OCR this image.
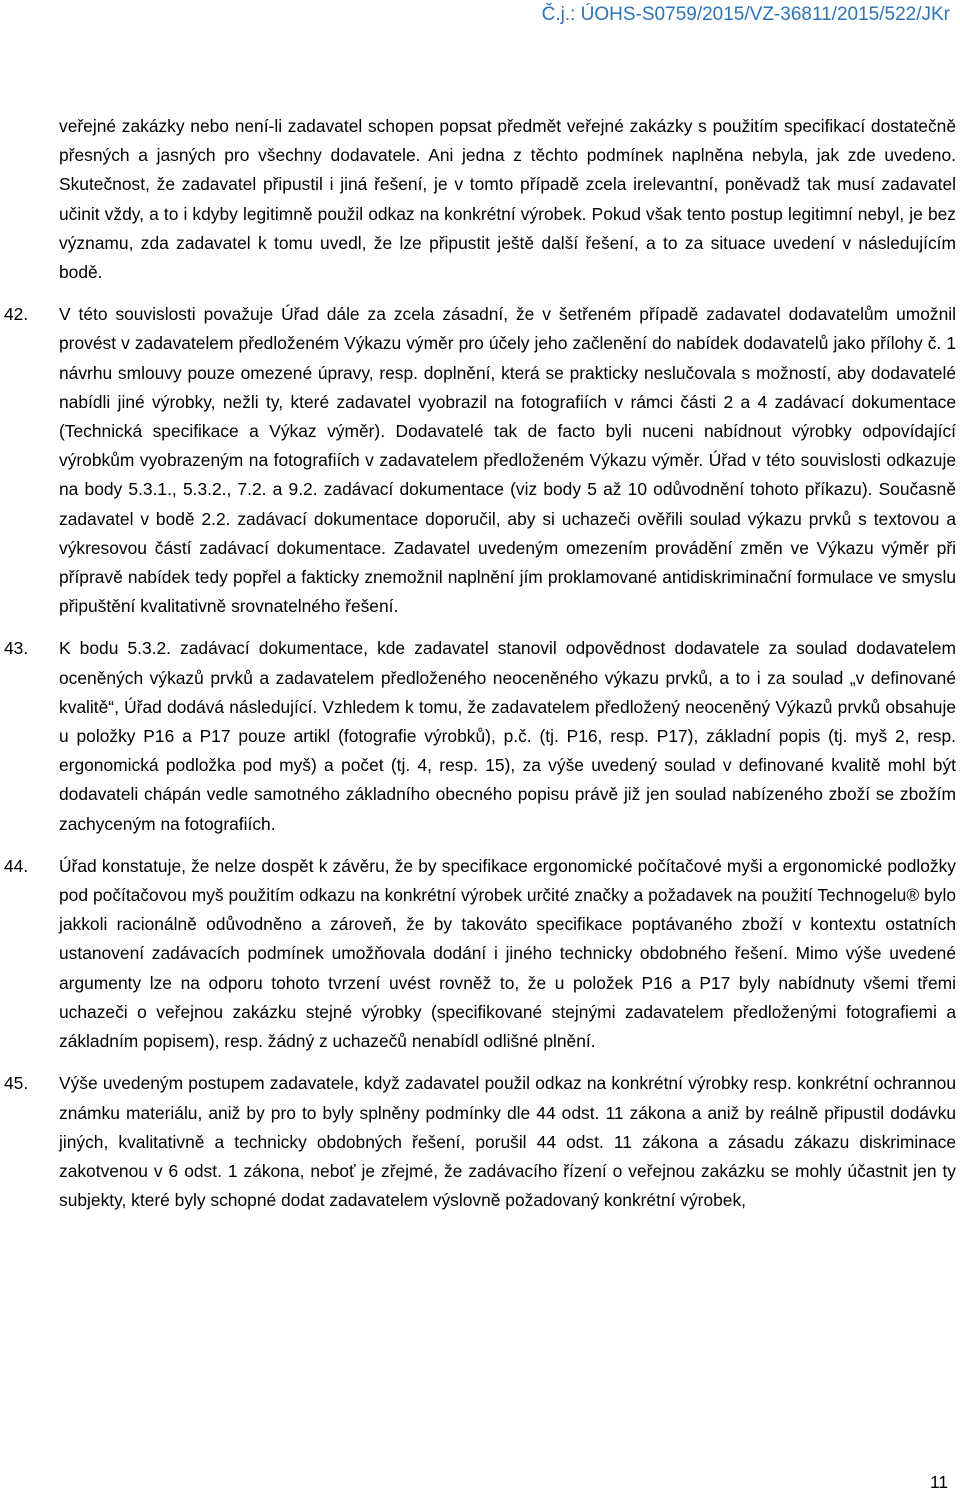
Č.j.: ÚOHS-S0759/2015/VZ-36811/2015/522/JKr

veřejné zakázky nebo není-li zadavatel schopen popsat předmět veřejné zakázky s použitím specifikací dostatečně přesných a jasných pro všechny dodavatele. Ani jedna z těchto podmínek naplněna nebyla, jak zde uvedeno. Skutečnost, že zadavatel připustil i jiná řešení, je v tomto případě zcela irelevantní, poněvadž tak musí zadavatel učinit vždy, a to i kdyby legitimně použil odkaz na konkrétní výrobek. Pokud však tento postup legitimní nebyl, je bez významu, zda zadavatel k tomu uvedl, že lze připustit ještě další řešení, a to za situace uvedení v následujícím bodě.

42. V této souvislosti považuje Úřad dále za zcela zásadní, že v šetřeném případě zadavatel dodavatelům umožnil provést v zadavatelem předloženém Výkazu výměr pro účely jeho začlenění do nabídek dodavatelů jako přílohy č. 1 návrhu smlouvy pouze omezené úpravy, resp. doplnění, která se prakticky neslučovala s možností, aby dodavatelé nabídli jiné výrobky, nežli ty, které zadavatel vyobrazil na fotografiích v rámci části 2 a 4 zadávací dokumentace (Technická specifikace a Výkaz výměr). Dodavatelé tak de facto byli nuceni nabídnout výrobky odpovídající výrobkům vyobrazeným na fotografiích v zadavatelem předloženém Výkazu výměr. Úřad v této souvislosti odkazuje na body 5.3.1., 5.3.2., 7.2. a 9.2. zadávací dokumentace (viz body 5 až 10 odůvodnění tohoto příkazu). Současně zadavatel v bodě 2.2. zadávací dokumentace doporučil, aby si uchazeči ověřili soulad výkazu prvků s textovou a výkresovou částí zadávací dokumentace. Zadavatel uvedeným omezením provádění změn ve Výkazu výměr při přípravě nabídek tedy popřel a fakticky znemožnil naplnění jím proklamované antidiskriminační formulace ve smyslu připuštění kvalitativně srovnatelného řešení.

43. K bodu 5.3.2. zadávací dokumentace, kde zadavatel stanovil odpovědnost dodavatele za soulad dodavatelem oceněných výkazů prvků a zadavatelem předloženého neoceněného výkazu prvků, a to i za soulad „v definované kvalitě“, Úřad dodává následující. Vzhledem k tomu, že zadavatelem předložený neoceněný Výkazů prvků obsahuje u položky P16 a P17 pouze artikl (fotografie výrobků), p.č. (tj. P16, resp. P17), základní popis (tj. myš 2, resp. ergonomická podložka pod myš) a počet (tj. 4, resp. 15), za výše uvedený soulad v definované kvalitě mohl být dodavateli chápán vedle samotného základního obecného popisu právě již jen soulad nabízeného zboží se zbožím zachyceným na fotografiích.

44. Úřad konstatuje, že nelze dospět k závěru, že by specifikace ergonomické počítačové myši a ergonomické podložky pod počítačovou myš použitím odkazu na konkrétní výrobek určité značky a požadavek na použití Technogelu® bylo jakkoli racionálně odůvodněno a zároveň, že by takováto specifikace poptávaného zboží v kontextu ostatních ustanovení zadávacích podmínek umožňovala dodání i jiného technicky obdobného řešení. Mimo výše uvedené argumenty lze na odporu tohoto tvrzení uvést rovněž to, že u položek P16 a P17 byly nabídnuty všemi třemi uchazeči o veřejnou zakázku stejné výrobky (specifikované stejnými zadavatelem předloženými fotografiemi a základním popisem), resp. žádný z uchazečů nenabídl odlišné plnění.

45. Výše uvedeným postupem zadavatele, když zadavatel použil odkaz na konkrétní výrobky resp. konkrétní ochrannou známku materiálu, aniž by pro to byly splněny podmínky dle 44 odst. 11 zákona a aniž by reálně připustil dodávku jiných, kvalitativně a technicky obdobných řešení, porušil 44 odst. 11 zákona a zásadu zákazu diskriminace zakotvenou v 6 odst. 1 zákona, neboť je zřejmé, že zadávacího řízení o veřejnou zakázku se mohly účastnit jen ty subjekty, které byly schopné dodat zadavatelem výslovně požadovaný konkrétní výrobek,

11
